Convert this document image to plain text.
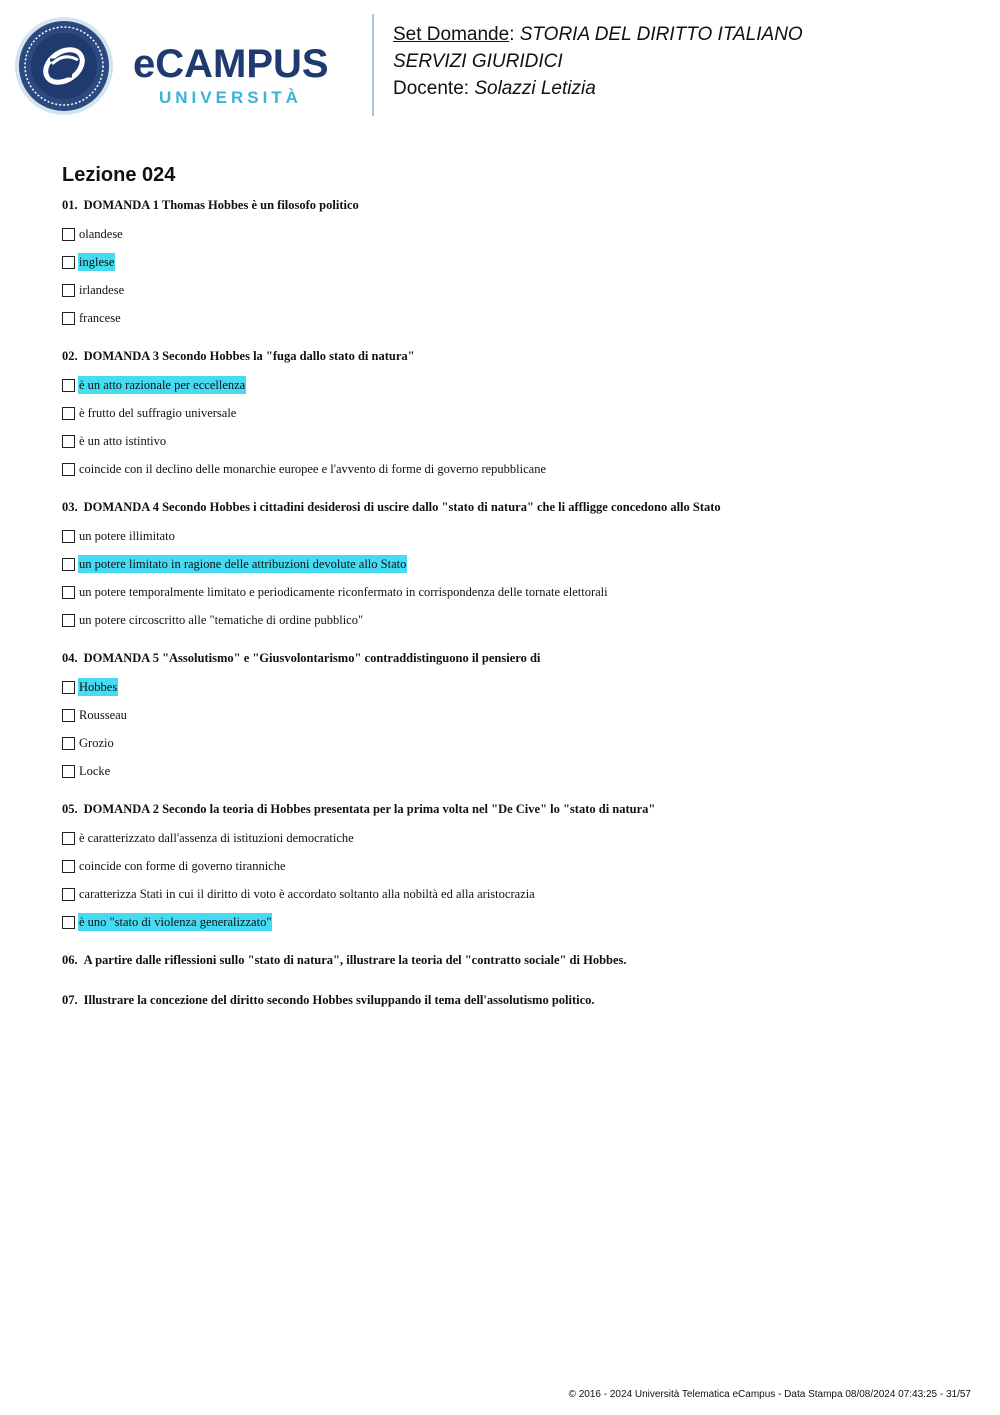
eCAMPUS
UNIVERSITÀ
Set Domande: STORIA DEL DIRITTO ITALIANO
SERVIZI GIURIDICI
Docente: Solazzi Letizia
Lezione 024
01. DOMANDA 1 Thomas Hobbes è un filosofo politico
olandese
inglese
irlandese
francese
02. DOMANDA 3 Secondo Hobbes la "fuga dallo stato di natura"
è un atto razionale per eccellenza
è frutto del suffragio universale
è un atto istintivo
coincide con il declino delle monarchie europee e l'avvento di forme di governo repubblicane
03. DOMANDA 4 Secondo Hobbes i cittadini desiderosi di uscire dallo "stato di natura" che li affligge concedono allo Stato
un potere illimitato
un potere limitato in ragione delle attribuzioni devolute allo Stato
un potere temporalmente limitato e periodicamente riconfermato in corrispondenza delle tornate elettorali
un potere circoscritto alle "tematiche di ordine pubblico"
04. DOMANDA 5 "Assolutismo" e "Giusvolontarismo" contraddistinguono il pensiero di
Hobbes
Rousseau
Grozio
Locke
05. DOMANDA 2 Secondo la teoria di Hobbes presentata per la prima volta nel "De Cive" lo "stato di natura"
è caratterizzato dall'assenza di istituzioni democratiche
coincide con forme di governo tiranniche
caratterizza Stati in cui il diritto di voto è accordato soltanto alla nobiltà ed alla aristocrazia
è uno "stato di violenza generalizzato"
06. A partire dalle riflessioni sullo "stato di natura", illustrare la teoria del "contratto sociale" di Hobbes.
07. Illustrare la concezione del diritto secondo Hobbes sviluppando il tema dell'assolutismo politico.
© 2016 - 2024 Università Telematica eCampus - Data Stampa 08/08/2024 07:43:25 - 31/57
